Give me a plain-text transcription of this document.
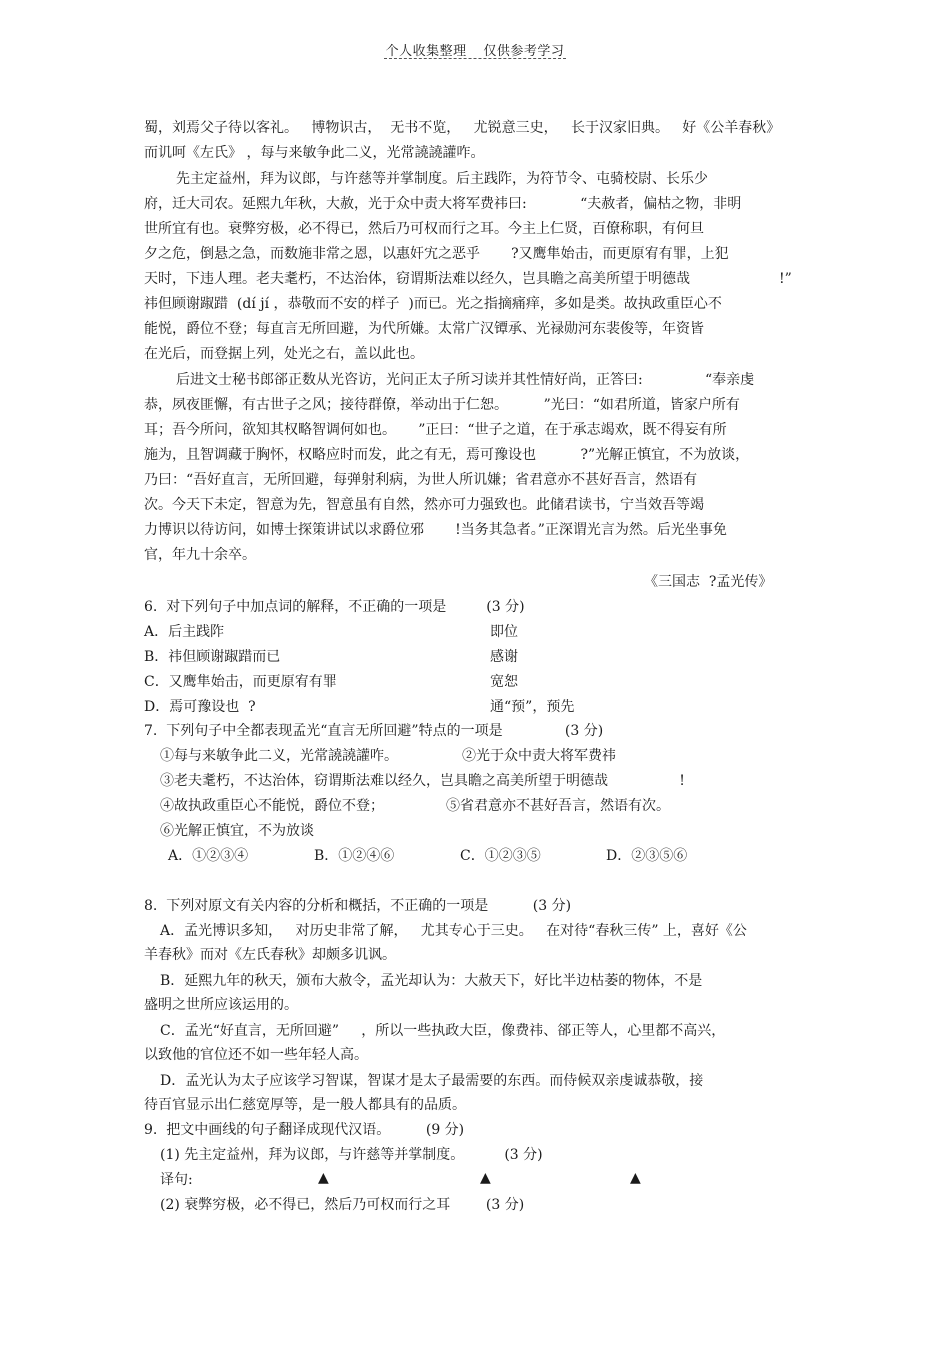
个人收集整理 仅供参考学习
蜀，刘焉父子待以客礼。   博物识古，  无书不览，   尤锐意三史，   长于汉家旧典。   好《公羊春秋》
而讥呵《左氏》 ，每与来敏争此二义，光常譊譊讙咋。
先主定益州，拜为议郎，与许慈等并掌制度。后主践阼，为符节令、屯骑校尉、长乐少
府，迁大司农。延熙九年秋，大赦，光于众中责大将军费祎曰:            “夫赦者，偏枯之物，非明
世所宜有也。衰弊穷极，必不得已，然后乃可权而行之耳。今主上仁贤，百僚称职，有何旦
夕之危，倒悬之急，而数施非常之恩，以惠奸宄之恶乎       ?又鹰隼始击，而更原宥有罪，上犯
天时，下违人理。老夫耄朽，不达治体，窃谓斯法难以经久，岂具瞻之高美所望于明德哉                    !”
祎但顾谢踧踖  (dí jí ，恭敬而不安的样子  )而已。光之指摘痛痒，多如是类。故执政重臣心不
能悦，爵位不登；每直言无所回避，为代所嫌。太常广汉镡承、光禄勋河东裴俊等，年资皆
在光后，而登据上列，处光之右，盖以此也。
后进文士秘书郎郤正数从光咨访，光问正太子所习读并其性情好尚，正答曰:              “奉亲虔
恭，夙夜匪懈，有古世子之风；接待群僚，举动出于仁恕。        ”光曰：“如君所道，皆家户所有
耳；吾今所问，欲知其权略智调何如也。     ”正曰：“世子之道，在于承志竭欢，既不得妄有所
施为，且智调藏于胸怀，权略应时而发，此之有无，焉可豫设也          ?”光解正慎宜，不为放谈，
乃曰：“吾好直言，无所回避，每弹射利病，为世人所讥嫌；省君意亦不甚好吾言，然语有
次。今天下未定，智意为先，智意虽有自然，然亦可力强致也。此储君读书，宁当效吾等竭
力博识以待访问，如博士探策讲试以求爵位邪       !当务其急者。”正深谓光言为然。后光坐事免
官，年九十余卒。
《三国志  ?孟光传》
6.  对下列句子中加点词的解释，不正确的一项是         (3 分)
A．后主践阼	即位
B．祎但顾谢踧踖而已	感谢
C．又鹰隼始击，而更原宥有罪	宽恕
D．焉可豫设也  ?	通“预”，预先
7.  下列句子中全都表现孟光“直言无所回避”特点的一项是              (3 分)
①每与来敏争此二义，光常譊譊讙咋。	②光于众中责大将军费祎
③老夫耄朽，不达治体，窃谓斯法难以经久，岂具瞻之高美所望于明德哉                !
④故执政重臣心不能悦，爵位不登；	⑤省君意亦不甚好吾言，然语有次。
⑥光解正慎宜，不为放谈
A．①②③④	B．①②④⑥	C．①②③⑤	D．②③⑤⑥
8.  下列对原文有关内容的分析和概括，不正确的一项是          (3 分)
A．孟光博识多知，   对历史非常了解，   尤其专心于三史。   在对待“春秋三传” 上，喜好《公
羊春秋》而对《左氏春秋》却颇多讥讽。
B．延熙九年的秋天，颁布大赦令，孟光却认为：大赦天下，好比半边枯萎的物体，不是
盛明之世所应该运用的。
C．孟光“好直言，无所回避”     ，所以一些执政大臣，像费祎、郤正等人，心里都不高兴，
以致他的官位还不如一些年轻人高。
D．孟光认为太子应该学习智谋，智谋才是太子最需要的东西。而侍候双亲虔诚恭敬，接
待百官显示出仁慈宽厚等，是一般人都具有的品质。
9.  把文中画线的句子翻译成现代汉语。        (9 分)
(1) 先主定益州，拜为议郎，与许慈等并掌制度。         (3 分)
译句:	▲	▲	▲
(2) 衰弊穷极，必不得已，然后乃可权而行之耳        (3 分)
